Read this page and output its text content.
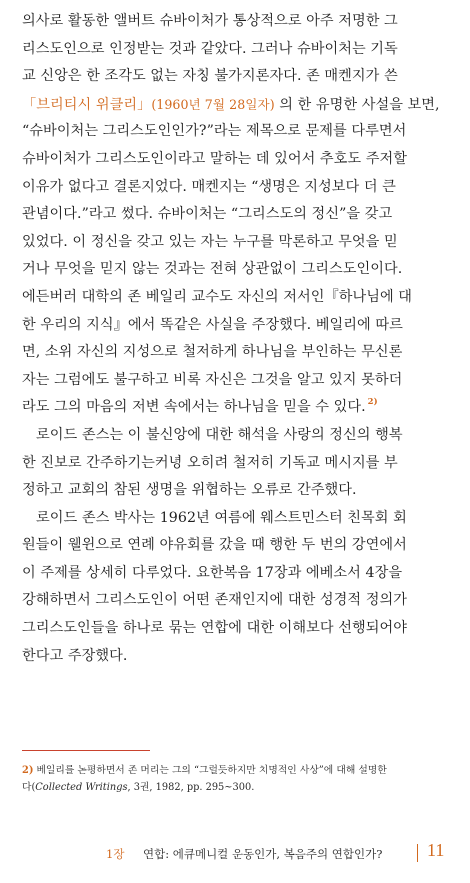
의사로 활동한 앨버트 슈바이처가 통상적으로 아주 저명한 그
리스도인으로 인정받는 것과 같았다. 그러나 슈바이처는 기독
교 신앙은 한 조각도 없는 자칭 불가지론자다. 존 매켄지가 쓴
「브리티시 위클리」(1960년 7월 28일자) 의 한 유명한 사설을 보면,
“슈바이처는 그리스도인인가?”라는 제목으로 문제를 다루면서
슈바이처가 그리스도인이라고 말하는 데 있어서 추호도 주저할
이유가 없다고 결론지었다. 매켄지는 “생명은 지성보다 더 큰
관념이다.”라고 썼다. 슈바이처는 “그리스도의 정신”을 갖고
있었다. 이 정신을 갖고 있는 자는 누구를 막론하고 무엇을 믿
거나 무엇을 믿지 않는 것과는 전혀 상관없이 그리스도인이다.
에든버러 대학의 존 베일리 교수도 자신의 저서인『하나님에 대
한 우리의 지식』에서 똑같은 사실을 주장했다. 베일리에 따르
면, 소위 자신의 지성으로 철저하게 하나님을 부인하는 무신론
자는 그럼에도 불구하고 비록 자신은 그것을 알고 있지 못하더
라도 그의 마음의 저변 속에서는 하나님을 믿을 수 있다. $^{2)}$
로이드 존스는 이 불신앙에 대한 해석을 사랑의 정신의 행복
한 진보로 간주하기는커녕 오히려 철저히 기독교 메시지를 부
정하고 교회의 참된 생명을 위협하는 오류로 간주했다.
로이드 존스 박사는 1962년 여름에 웨스트민스터 친목회 회
원들이 웰윈으로 연례 야유회를 갔을 때 행한 두 번의 강연에서
이 주제를 상세히 다루었다. 요한복음 17장과 에베소서 4장을
강해하면서 그리스도인이 어떤 존재인지에 대한 성경적 정의가
그리스도인들을 하나로 묶는 연합에 대한 이해보다 선행되어야
한다고 주장했다.
2) 베일리를 논평하면서 존 머리는 그의 “그럴듯하지만 치명적인 사상”에 대해 설명한
다(Collected Writings, 3권, 1982, pp. 295~300.
1장 연합: 에큐메니컬 운동인가, 복음주의 연합인가? 11
